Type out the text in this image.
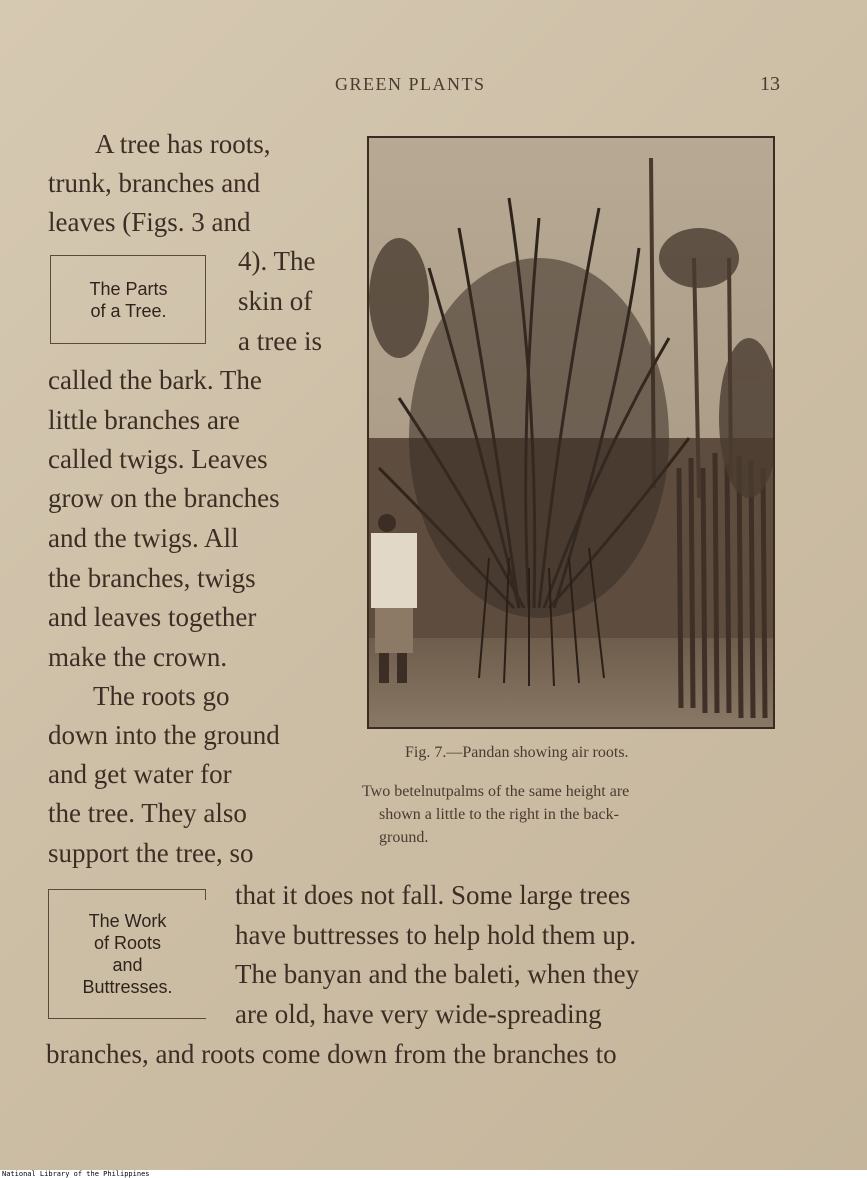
GREEN PLANTS	13
A tree has roots,
trunk, branches and
leaves (Figs. 3 and
4). The
skin of
a tree is
called the bark. The
little branches are
called twigs. Leaves
grow on the branches
and the twigs. All
the branches, twigs
and leaves together
make the crown.
The Parts
of a Tree.
The roots go
down into the ground
and get water for
the tree. They also
support the tree, so
that it does not fall. Some large trees
have buttresses to help hold them up.
The banyan and the baleti, when they
are old, have very wide-spreading
branches, and roots come down from the branches to
The Work
of Roots
and
Buttresses.
Fig. 7.—Pandan showing air roots.
Two betelnutpalms of the same height are
shown a little to the right in the back-
ground.
National Library of the Philippines
